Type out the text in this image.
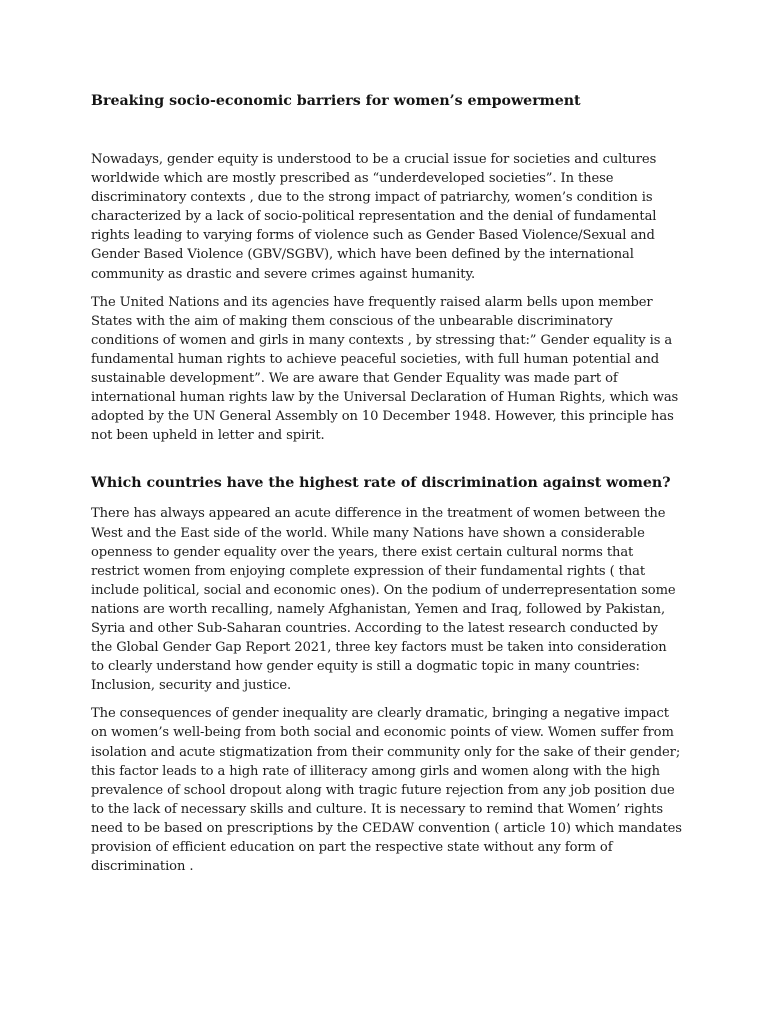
Breaking socio-economic barriers for women’s empowerment

Nowadays, gender equity is understood to be a crucial issue for societies and cultures worldwide which are mostly prescribed as “underdeveloped societies”. In these discriminatory contexts , due to the strong impact of patriarchy, women’s condition is characterized by a lack of socio-political representation and the denial of fundamental rights leading to varying forms of violence such as Gender Based Violence/Sexual and Gender Based Violence (GBV/SGBV), which have been defined by the international community as drastic and severe crimes against humanity.

The United Nations and its agencies have frequently raised alarm bells upon member States with the aim of making them conscious of the unbearable discriminatory conditions of women and girls in many contexts , by stressing that:” Gender equality is a fundamental human rights to achieve peaceful societies, with full human potential and sustainable development”. We are aware that Gender Equality was made part of international human rights law by the Universal Declaration of Human Rights, which was adopted by the UN General Assembly on 10 December 1948. However, this principle has not been upheld in letter and spirit.

Which countries have the highest rate of discrimination against women?

There has always appeared an acute difference in the treatment of women between the West and the East side of the world. While many Nations have shown a considerable openness to gender equality over the years, there exist certain cultural norms that restrict women from enjoying complete expression of their fundamental rights ( that include political, social and economic ones). On the podium of underrepresentation some nations are worth recalling, namely Afghanistan, Yemen and Iraq, followed by Pakistan, Syria and other Sub-Saharan countries. According to the latest research conducted by the Global Gender Gap Report 2021, three key factors must be taken into consideration to clearly understand how gender equity is still a dogmatic topic in many countries: Inclusion, security and justice.

The consequences of gender inequality are clearly dramatic, bringing a negative impact on women’s well-being from both social and economic points of view. Women suffer from isolation and acute stigmatization from their community only for the sake of their gender; this factor leads to a high rate of illiteracy among girls and women along with the high prevalence of school dropout along with tragic future rejection from any job position due to the lack of necessary skills and culture. It is necessary to remind that Women’ rights need to be based on prescriptions by the CEDAW convention ( article 10) which mandates provision of efficient education on part the respective state without any form of discrimination .
